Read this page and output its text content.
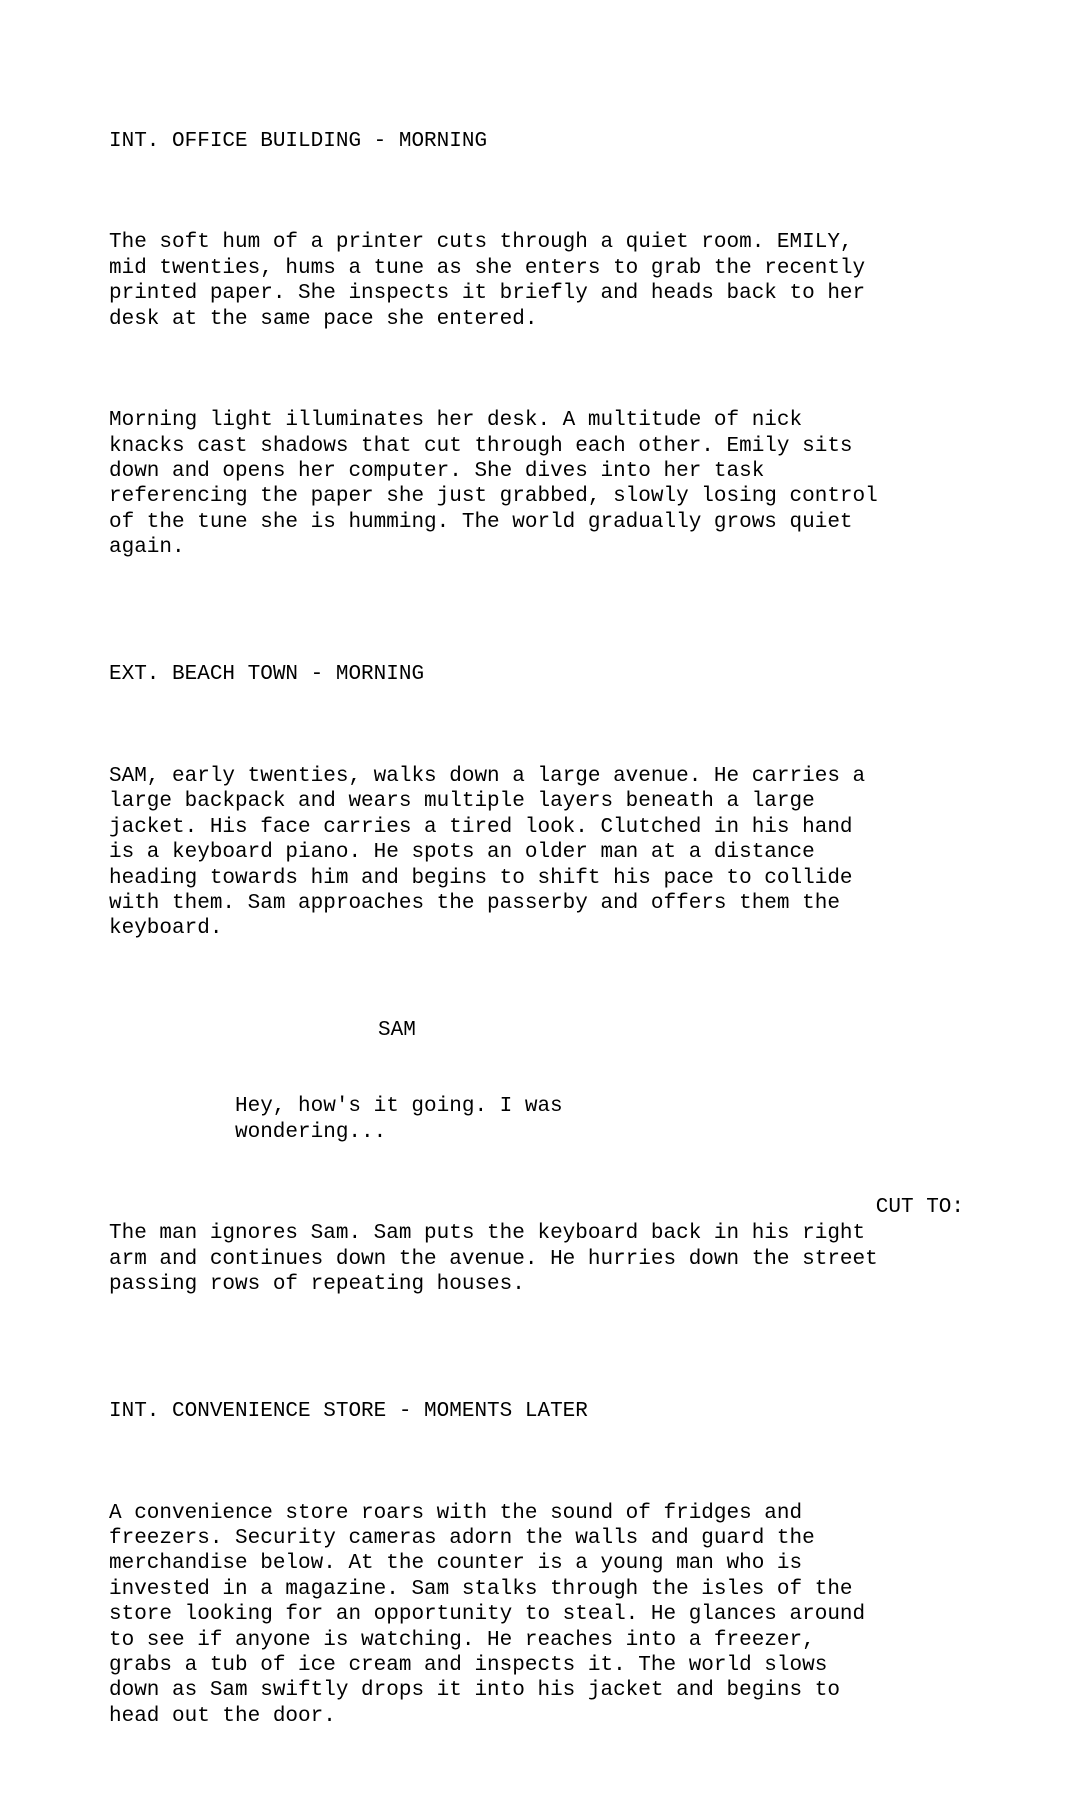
INT. OFFICE BUILDING - MORNING

The soft hum of a printer cuts through a quiet room. EMILY,
mid twenties, hums a tune as she enters to grab the recently
printed paper. She inspects it briefly and heads back to her
desk at the same pace she entered.

Morning light illuminates her desk. A multitude of nick
knacks cast shadows that cut through each other. Emily sits
down and opens her computer. She dives into her task
referencing the paper she just grabbed, slowly losing control
of the tune she is humming. The world gradually grows quiet
again.

EXT. BEACH TOWN - MORNING

SAM, early twenties, walks down a large avenue. He carries a
large backpack and wears multiple layers beneath a large
jacket. His face carries a tired look. Clutched in his hand
is a keyboard piano. He spots an older man at a distance
heading towards him and begins to shift his pace to collide
with them. Sam approaches the passerby and offers them the
keyboard.

SAM

Hey, how's it going. I was
wondering...

The man ignores Sam. Sam puts the keyboard back in his right
arm and continues down the avenue. He hurries down the street
passing rows of repeating houses.

INT. CONVENIENCE STORE - MOMENTS LATER

A convenience store roars with the sound of fridges and
freezers. Security cameras adorn the walls and guard the
merchandise below. At the counter is a young man who is
invested in a magazine. Sam stalks through the isles of the
store looking for an opportunity to steal. He glances around
to see if anyone is watching. He reaches into a freezer,
grabs a tub of ice cream and inspects it. The world slows
down as Sam swiftly drops it into his jacket and begins to
head out the door.

CUT TO:
